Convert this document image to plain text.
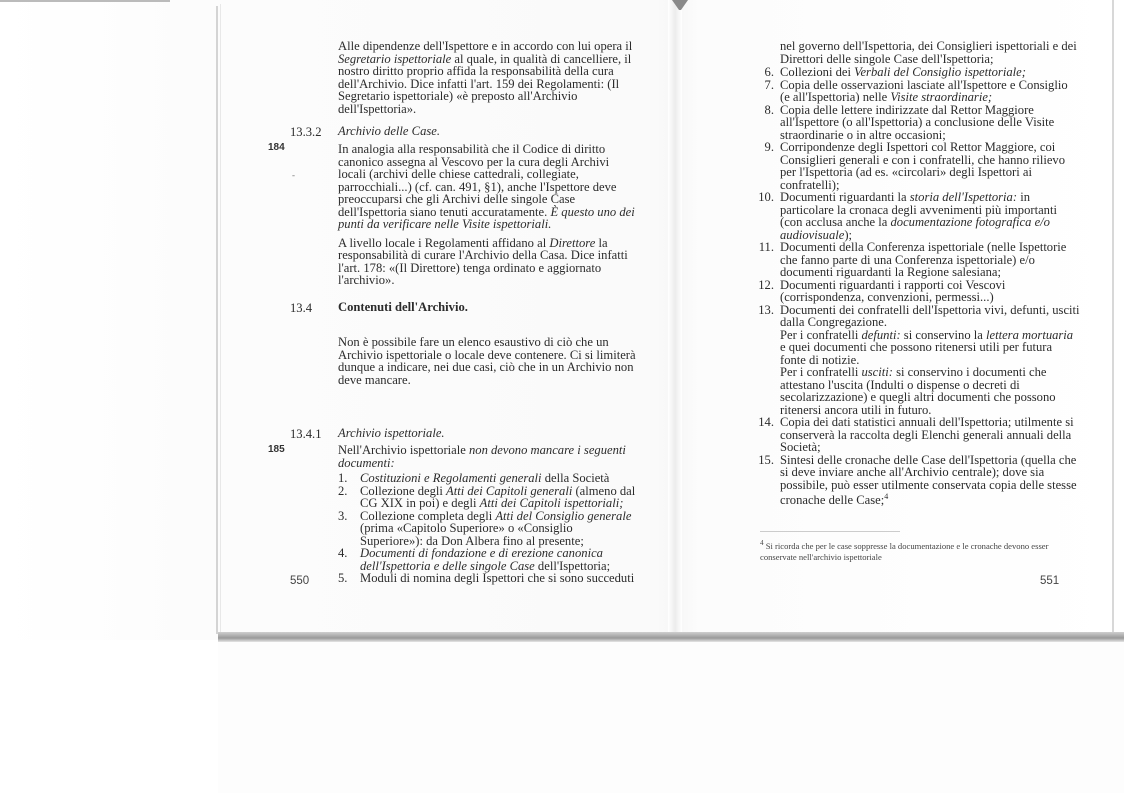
Alle dipendenze dell'Ispettore e in accordo con lui opera il Segretario ispettoriale al quale, in qualità di cancelliere, il nostro diritto proprio affida la responsabilità della cura dell'Archivio. Dice infatti l'art. 159 dei Regolamenti: (Il Segretario ispettoriale) «è preposto all'Archivio dell'Ispettoria».

13.3.2 Archivio delle Case.
184
-

In analogia alla responsabilità che il Codice di diritto canonico assegna al Vescovo per la cura degli Archivi locali (archivi delle chiese cattedrali, collegiate, parrocchiali...) (cf. can. 491, §1), anche l'Ispettore deve preoccuparsi che gli Archivi delle singole Case dell'Ispettoria siano tenuti accuratamente. È questo uno dei punti da verificare nelle Visite ispettoriali.

A livello locale i Regolamenti affidano al Direttore la responsabilità di curare l'Archivio della Casa. Dice infatti l'art. 178: «(Il Direttore) tenga ordinato e aggiornato l'archivio».

13.4 Contenuti dell'Archivio.

Non è possibile fare un elenco esaustivo di ciò che un Archivio ispettoriale o locale deve contenere. Ci si limiterà dunque a indicare, nei due casi, ciò che in un Archivio non deve mancare.

13.4.1 Archivio ispettoriale.
185	Nell'Archivio ispettoriale non devono mancare i seguenti documenti:

1. Costituzioni e Regolamenti generali della Società
2. Collezione degli Atti dei Capitoli generali (almeno dal CG XIX in poi) e degli Atti dei Capitoli ispettoriali;
3. Collezione completa degli Atti del Consiglio generale (prima «Capitolo Superiore» o «Consiglio Superiore»): da Don Albera fino al presente;
4. Documenti di fondazione e di erezione canonica dell'Ispettoria e delle singole Case dell'Ispettoria;
5. Moduli di nomina degli Ispettori che si sono succeduti
550

nel governo dell'Ispettoria, dei Consiglieri ispettoriali e dei Direttori delle singole Case dell'Ispettoria;

6. Collezioni dei Verbali del Consiglio ispettoriale;
7. Copia delle osservazioni lasciate all'Ispettore e Consiglio (e all'Ispettoria) nelle Visite straordinarie;
8. Copia delle lettere indirizzate dal Rettor Maggiore all'Ispettore (o all'Ispettoria) a conclusione delle Visite straordinarie o in altre occasioni;
9. Corripondenze degli Ispettori col Rettor Maggiore, coi Consiglieri generali e con i confratelli, che hanno rilievo per l'Ispettoria (ad es. «circolari» degli Ispettori ai confratelli);
10. Documenti riguardanti la storia dell'Ispettoria: in particolare la cronaca degli avvenimenti più importanti (con acclusa anche la documentazione fotografica e/o audiovisuale);
11. Documenti della Conferenza ispettoriale (nelle Ispettorie che fanno parte di una Conferenza ispettoriale) e/o documenti riguardanti la Regione salesiana;
12. Documenti riguardanti i rapporti coi Vescovi (corrispondenza, convenzioni, permessi...)
13. Documenti dei confratelli dell'Ispettoria vivi, defunti, usciti dalla Congregazione.
Per i confratelli defunti: si conservino la lettera mortuaria e quei documenti che possono ritenersi utili per futura fonte di notizie.
Per i confratelli usciti: si conservino i documenti che attestano l'uscita (Indulti o dispense o decreti di secolarizzazione) e quegli altri documenti che possono ritenersi ancora utili in futuro.
14. Copia dei dati statistici annuali dell'Ispettoria; utilmente si conserverà la raccolta degli Elenchi generali annuali della Società;
15. Sintesi delle cronache delle Case dell'Ispettoria (quella che si deve inviare anche all'Archivio centrale); dove sia possibile, può esser utilmente conservata copia delle stesse cronache delle Case;$^4$
$^4$ Si ricorda che per le case soppresse la documentazione e le cronache devono esser conservate nell'archivio ispettoriale
551
